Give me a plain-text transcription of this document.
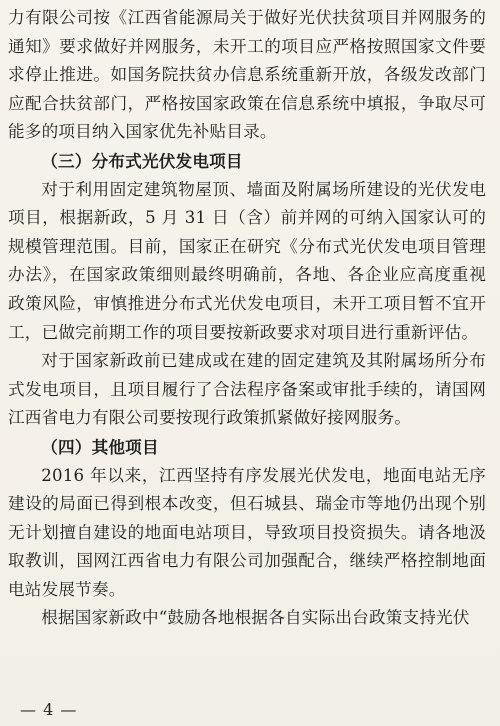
力有限公司按《江西省能源局关于做好光伏扶贫项目并网服务的通知》要求做好并网服务，未开工的项目应严格按照国家文件要求停止推进。如国务院扶贫办信息系统重新开放，各级发改部门应配合扶贫部门，严格按国家政策在信息系统中填报，争取尽可能多的项目纳入国家优先补贴目录。

（三）分布式光伏发电项目

对于利用固定建筑物屋顶、墙面及附属场所建设的光伏发电项目，根据新政，5 月 31 日（含）前并网的可纳入国家认可的规模管理范围。目前，国家正在研究《分布式光伏发电项目管理办法》，在国家政策细则最终明确前，各地、各企业应高度重视政策风险，审慎推进分布式光伏发电项目，未开工项目暂不宜开工，已做完前期工作的项目要按新政要求对项目进行重新评估。

对于国家新政前已建成或在建的固定建筑及其附属场所分布式发电项目，且项目履行了合法程序备案或审批手续的，请国网江西省电力有限公司要按现行政策抓紧做好接网服务。

（四）其他项目

2016 年以来，江西坚持有序发展光伏发电，地面电站无序建设的局面已得到根本改变，但石城县、瑞金市等地仍出现个别无计划擅自建设的地面电站项目，导致项目投资损失。请各地汲取教训，国网江西省电力有限公司加强配合，继续严格控制地面电站发展节奏。

根据国家新政中“鼓励各地根据各自实际出台政策支持光伏

— 4 —
